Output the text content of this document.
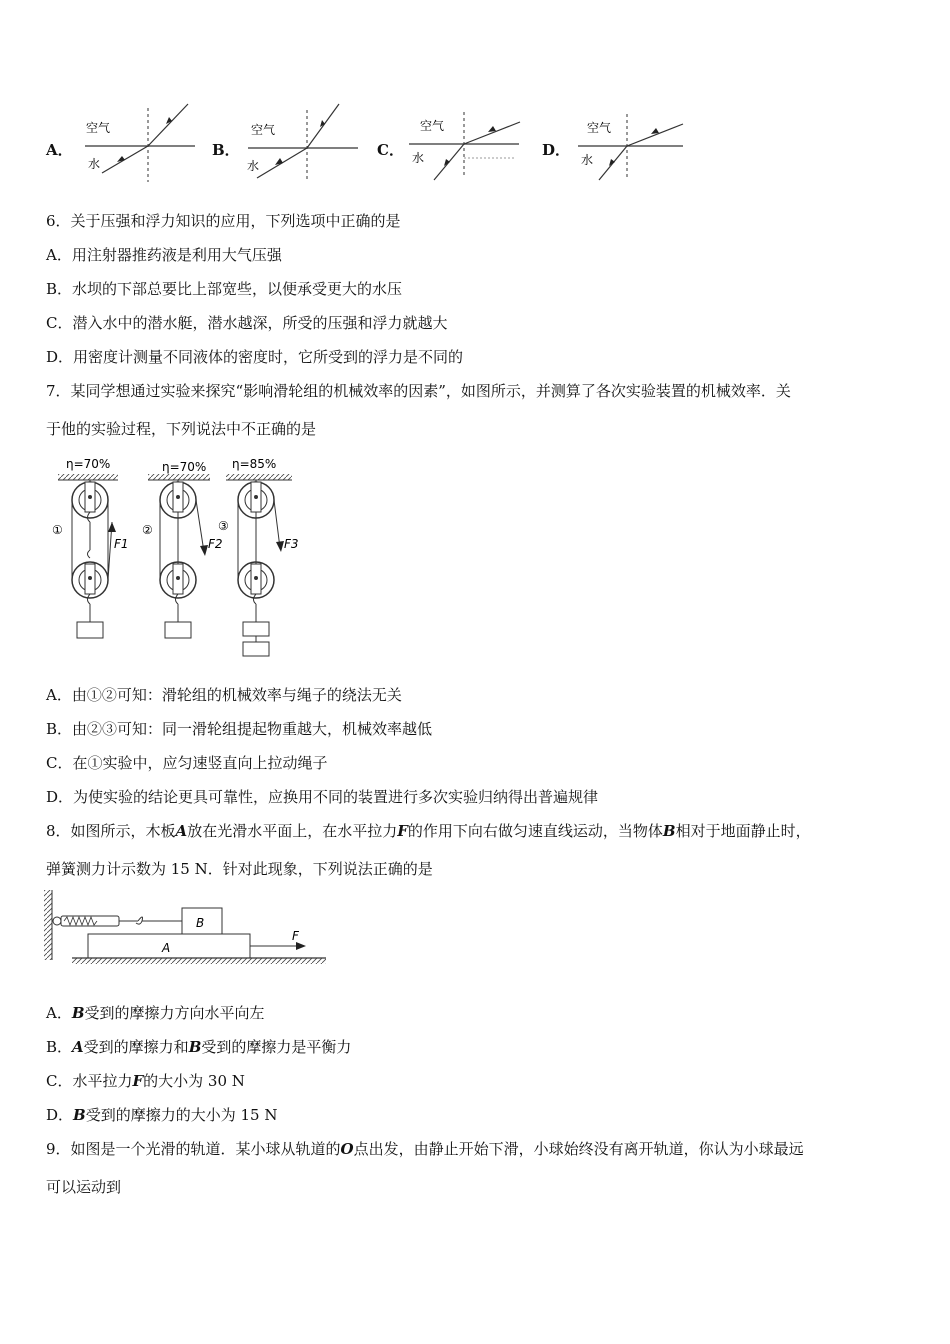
A．
空气
水
B．
空气
水
C．
空气
水	D．
空气
水
6．关于压强和浮力知识的应用，下列选项中正确的是
A．用注射器推药液是利用大气压强
B．水坝的下部总要比上部宽些，以便承受更大的水压
C．潜入水中的潜水艇，潜水越深，所受的压强和浮力就越大
D．用密度计测量不同液体的密度时，它所受到的浮力是不同的
7．某同学想通过实验来探究“影响滑轮组的机械效率的因素”，如图所示，并测算了各次实验装置的机械效率．关
于他的实验过程，下列说法中不正确的是
η=70%	η=70% η=85%
①
F1
②
F2
③
F3
A．由①②可知：滑轮组的机械效率与绳子的绕法无关
B．由②③可知：同一滑轮组提起物重越大，机械效率越低
C．在①实验中，应匀速竖直向上拉动绳子
D．为使实验的结论更具可靠性，应换用不同的装置进行多次实验归纳得出普遍规律
8．如图所示，木板A放在光滑水平面上，在水平拉力F的作用下向右做匀速直线运动，当物体B相对于地面静止时，
弹簧测力计示数为 15 N．针对此现象，下列说法正确的是
B
A
F
A．B受到的摩擦力方向水平向左
B．A受到的摩擦力和B受到的摩擦力是平衡力
C．水平拉力F的大小为 30 N
D．B受到的摩擦力的大小为 15 N
9．如图是一个光滑的轨道．某小球从轨道的O点出发，由静止开始下滑，小球始终没有离开轨道，你认为小球最远
可以运动到
